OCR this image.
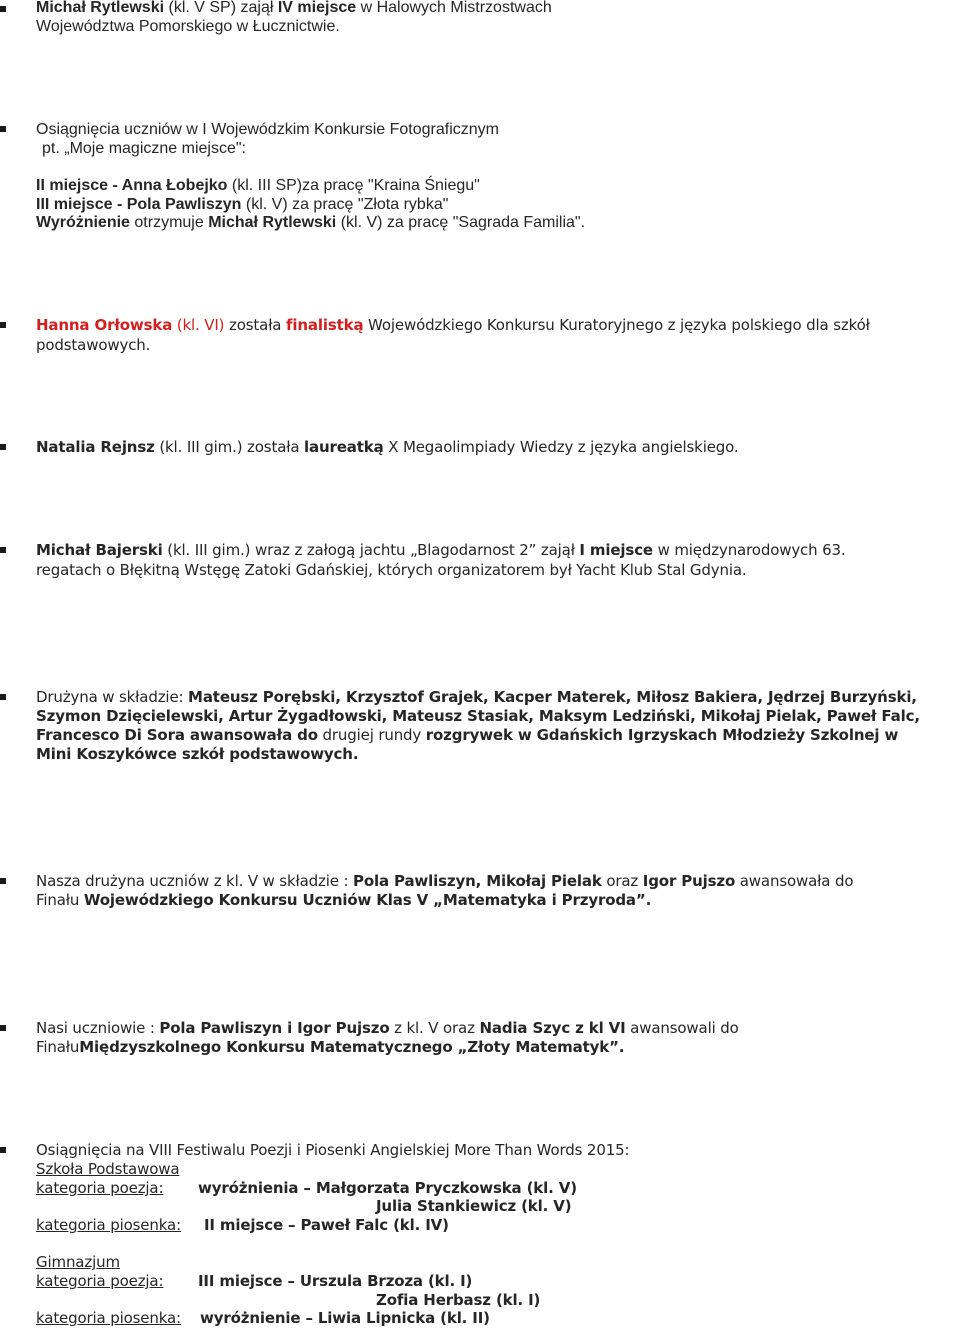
Michał Rytlewski (kl. V SP) zajął IV miejsce w Halowych Mistrzostwach
Województwa Pomorskiego w Łucznictwie.
Osiągnięcia uczniów w I Wojewódzkim Konkursie Fotograficznym
pt. „Moje magiczne miejsce":
II miejsce - Anna Łobejko (kl. III SP)za pracę "Kraina Śniegu"
III miejsce - Pola Pawliszyn (kl. V) za pracę "Złota rybka"
Wyróżnienie otrzymuje Michał Rytlewski (kl. V) za pracę "Sagrada Familia".
Hanna Orłowska (kl. VI) została finalistką Wojewódzkiego Konkursu Kuratoryjnego z języka polskiego dla szkół
podstawowych.
Natalia Rejnsz (kl. III gim.) została laureatką X Megaolimpiady Wiedzy z języka angielskiego.
Michał Bajerski (kl. III gim.) wraz z załogą jachtu „Blagodarnost 2” zajął I miejsce w międzynarodowych 63.
regatach o Błękitną Wstęgę Zatoki Gdańskiej, których organizatorem był Yacht Klub Stal Gdynia.
Drużyna w składzie: Mateusz Porębski, Krzysztof Grajek, Kacper Materek, Miłosz Bakiera, Jędrzej Burzyński,
Szymon Dzięcielewski, Artur Żygadłowski, Mateusz Stasiak, Maksym Ledziński, Mikołaj Pielak, Paweł Falc,
Francesco Di Sora awansowała do drugiej rundy rozgrywek w Gdańskich Igrzyskach Młodzieży Szkolnej w
Mini Koszykówce szkół podstawowych.
Nasza drużyna uczniów z kl. V w składzie : Pola Pawliszyn, Mikołaj Pielak oraz Igor Pujszo awansowała do
Finału Wojewódzkiego Konkursu Uczniów Klas V „Matematyka i Przyroda”.
Nasi uczniowie : Pola Pawliszyn i Igor Pujszo z kl. V oraz Nadia Szyc z kl VI awansowali do
FinałuMiędzyszkolnego Konkursu Matematycznego „Złoty Matematyk”.
Osiągnięcia na VIII Festiwalu Poezji i Piosenki Angielskiej More Than Words 2015:
Szkoła Podstawowa
kategoria poezja: wyróżnienia – Małgorzata Pryczkowska (kl. V)
Julia Stankiewicz (kl. V)
kategoria piosenka: II miejsce – Paweł Falc (kl. IV)
Gimnazjum
kategoria poezja: III miejsce – Urszula Brzoza (kl. I)
Zofia Herbasz (kl. I)
kategoria piosenka: wyróżnienie – Liwia Lipnicka (kl. II)
